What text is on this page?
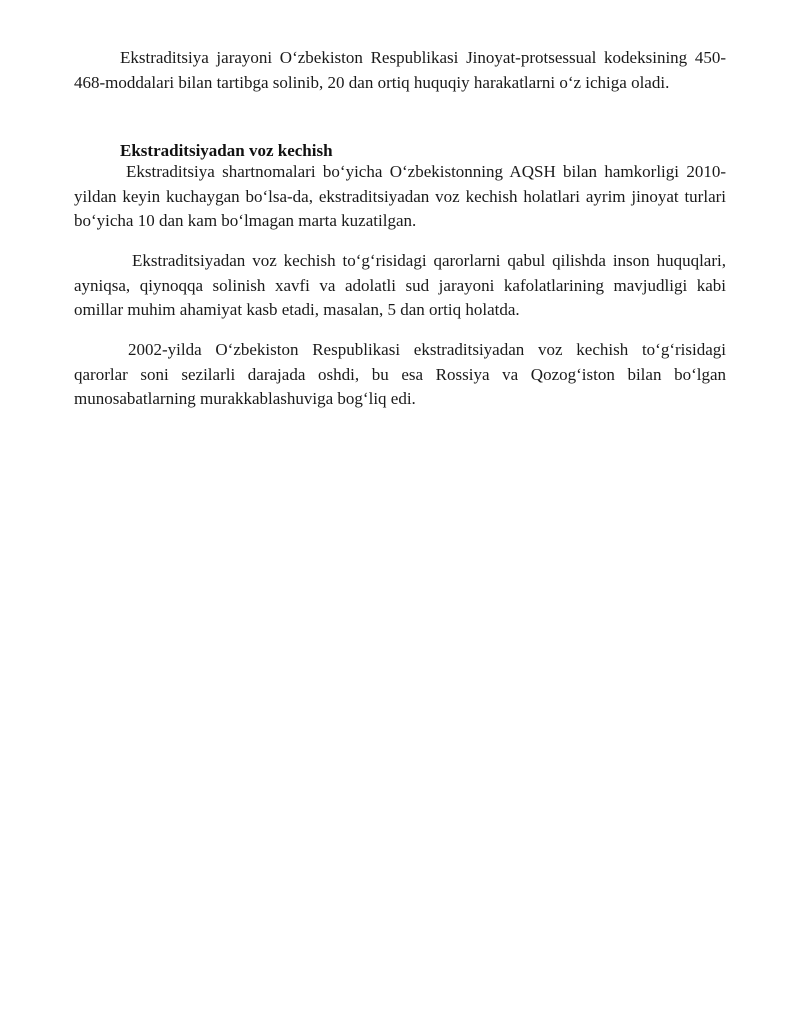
Ekstraditsiya jarayoni O‘zbekiston Respublikasi Jinoyat-protsessual kodeksining 450-468-moddalari bilan tartibga solinib, 20 dan ortiq huquqiy harakatlarni o‘z ichiga oladi.

Ekstraditsiyadan voz kechish

Ekstraditsiya shartnomalari bo‘yicha O‘zbekistonning AQSH bilan hamkorligi 2010-yildan keyin kuchaygan bo‘lsa-da, ekstraditsiyadan voz kechish holatlari ayrim jinoyat turlari bo‘yicha 10 dan kam bo‘lmagan marta kuzatilgan.

Ekstraditsiyadan voz kechish to‘g‘risidagi qarorlarni qabul qilishda inson huquqlari, ayniqsa, qiynoqqa solinish xavfi va adolatli sud jarayoni kafolatlarining mavjudligi kabi omillar muhim ahamiyat kasb etadi, masalan, 5 dan ortiq holatda.

2002-yilda O‘zbekiston Respublikasi ekstraditsiyadan voz kechish to‘g‘risidagi qarorlar soni sezilarli darajada oshdi, bu esa Rossiya va Qozog‘iston bilan bo‘lgan munosabatlarning murakkablashuviga bog‘liq edi.
